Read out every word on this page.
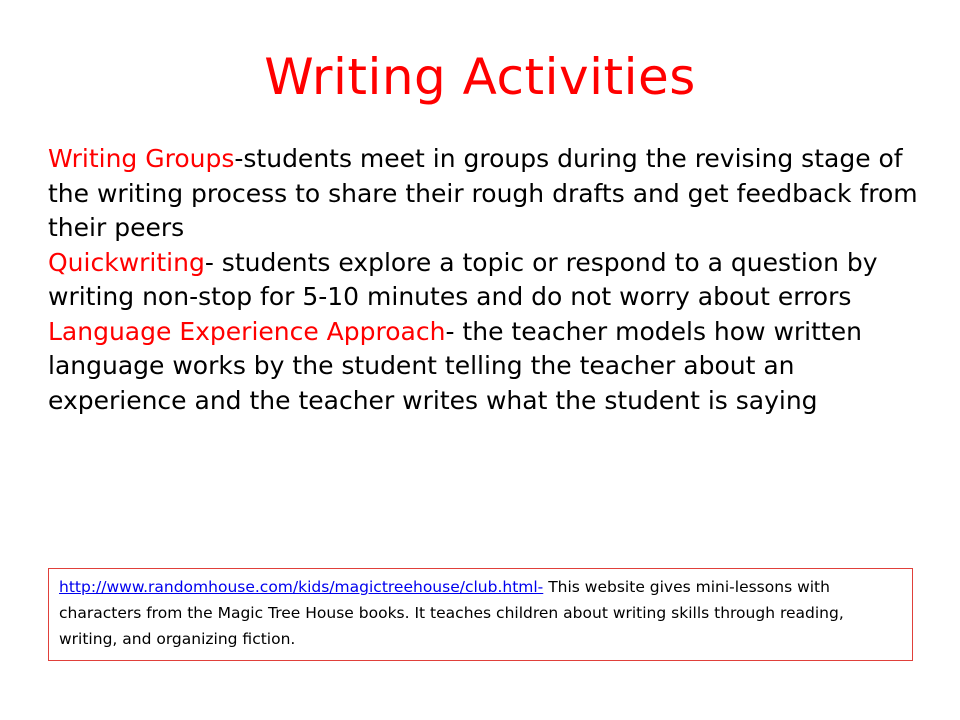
Writing Activities

Writing Groups-students meet in groups during the revising stage of the writing process to share their rough drafts and get feedback from their peers

Quickwriting- students explore a topic or respond to a question by writing non-stop for 5-10 minutes and do not worry about errors

Language Experience Approach- the teacher models how written language works by the student telling the teacher about an experience and the teacher writes what the student is saying

http://www.randomhouse.com/kids/magictreehouse/club.html- This website gives mini-lessons with characters from the Magic Tree House books. It teaches children about writing skills through reading, writing, and organizing fiction.
